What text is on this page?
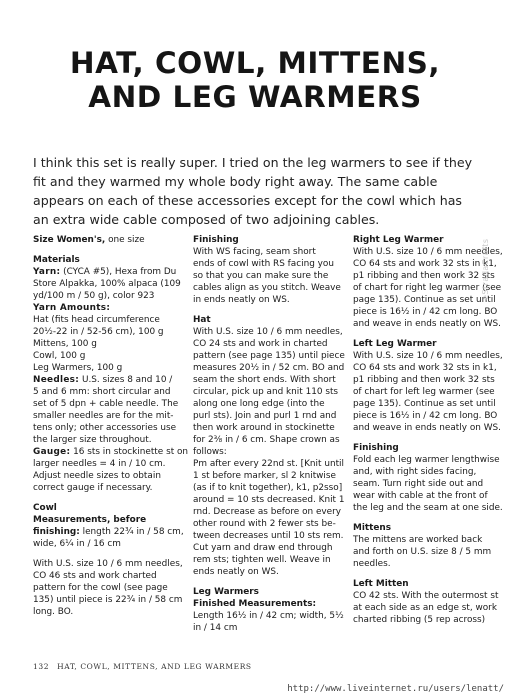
HAT, COWL, MITTENS,
AND LEG WARMERS
I think this set is really super. I tried on the leg warmers to see if they fit and they warmed my whole body right away. The same cable appears on each of these accessories except for the cowl which has an extra wide cable composed of two adjoining cables.
Size Women's, one size
Materials
Yarn: (CYCA #5), Hexa from Du
Store Alpakka, 100% alpaca (109
yd/100 m / 50 g), color 923
Yarn Amounts:
Hat (fits head circumference
20½-22 in / 52-56 cm), 100 g
Mittens, 100 g
Cowl, 100 g
Leg Warmers, 100 g
Needles: U.S. sizes 8 and 10 /
5 and 6 mm: short circular and
set of 5 dpn + cable needle. The
smaller needles are for the mit-
tens only; other accessories use
the larger size throughout.
Gauge: 16 sts in stockinette st on
larger needles = 4 in / 10 cm.
Adjust needle sizes to obtain
correct gauge if necessary.
Cowl
Measurements, before
finishing: length 22¾ in / 58 cm,
wide, 6¼ in / 16 cm
With U.S. size 10 / 6 mm needles,
CO 46 sts and work charted
pattern for the cowl (see page
135) until piece is 22¾ in / 58 cm
long. BO.
Finishing
With WS facing, seam short
ends of cowl with RS facing you
so that you can make sure the
cables align as you stitch. Weave
in ends neatly on WS.
Hat
With U.S. size 10 / 6 mm needles,
CO 24 sts and work in charted
pattern (see page 135) until piece
measures 20½ in / 52 cm. BO and
seam the short ends. With short
circular, pick up and knit 110 sts
along one long edge (into the
purl sts). Join and purl 1 rnd and
then work around in stockinette
for 2⅜ in / 6 cm. Shape crown as
follows:
Pm after every 22nd st. [Knit until
1 st before marker, sl 2 knitwise
(as if to knit together), k1, p2sso]
around = 10 sts decreased. Knit 1
rnd. Decrease as before on every
other round with 2 fewer sts be-
tween decreases until 10 sts rem.
Cut yarn and draw end through
rem sts; tighten well. Weave in
ends neatly on WS.
Leg Warmers
Finished Measurements:
Length 16½ in / 42 cm; width, 5½
in / 14 cm
Right Leg Warmer
With U.S. size 10 / 6 mm needles,
CO 64 sts and work 32 sts in k1,
p1 ribbing and then work 32 sts
of chart for right leg warmer (see
page 135). Continue as set until
piece is 16½ in / 42 cm long. BO
and weave in ends neatly on WS.
Left Leg Warmer
With U.S. size 10 / 6 mm needles,
CO 64 sts and work 32 sts in k1,
p1 ribbing and then work 32 sts
of chart for left leg warmer (see
page 135). Continue as set until
piece is 16½ in / 42 cm long. BO
and weave in ends neatly on WS.
Finishing
Fold each leg warmer lengthwise
and, with right sides facing,
seam. Turn right side out and
wear with cable at the front of
the leg and the seam at one side.
Mittens
The mittens are worked back
and forth on U.S. size 8 / 5 mm
needles.
Left Mitten
CO 42 sts. With the outermost st
at each side as an edge st, work
charted ribbing (5 rep across)
eStradaCrafts
132 HAT, COWL, MITTENS, AND LEG WARMERS
http://www.liveinternet.ru/users/lenatt/
